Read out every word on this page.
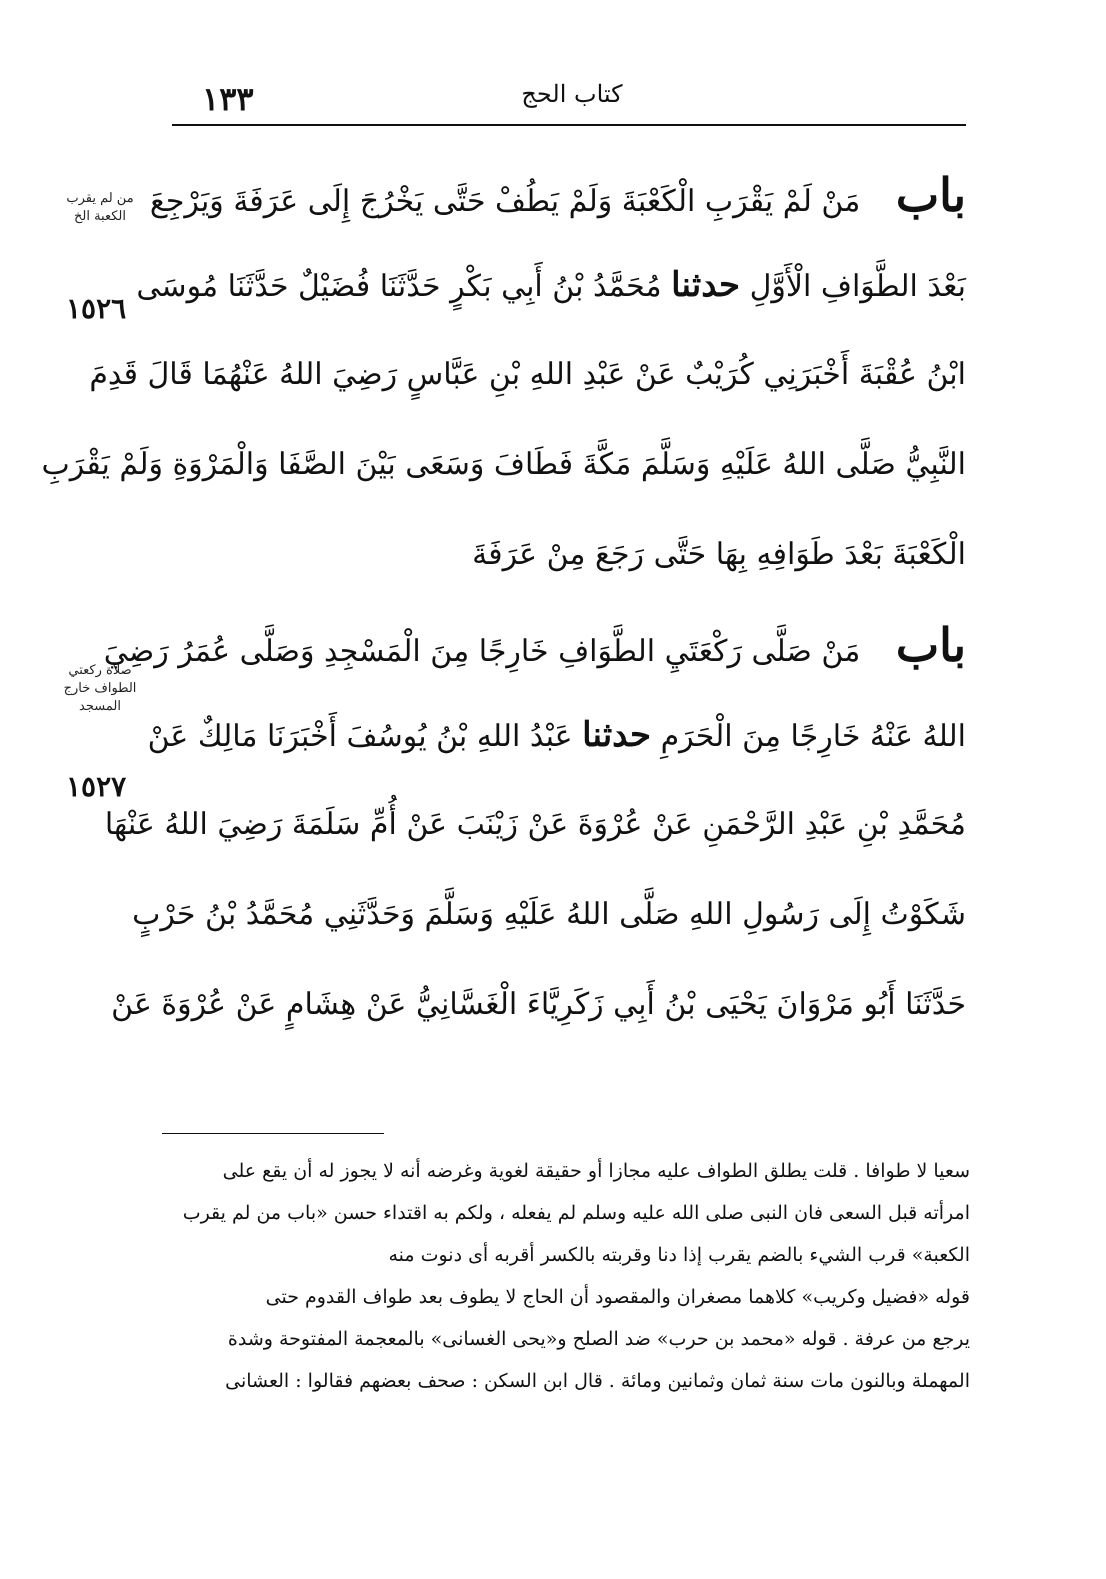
١٣٣	كتاب الحج
من لم يقرب الكعبة الخ
١٥٢٦
صلاة ركعتي الطواف خارج المسجد
١٥٢٧
باب مَنْ لَمْ يَقْرَبِ الْكَعْبَةَ وَلَمْ يَطُفْ حَتَّى يَخْرُجَ إِلَى عَرَفَةَ وَيَرْجِعَ
بَعْدَ الطَّوَافِ الْأَوَّلِ حدثنا مُحَمَّدُ بْنُ أَبِي بَكْرٍ حَدَّثَنَا فُضَيْلٌ حَدَّثَنَا مُوسَى
ابْنُ عُقْبَةَ أَخْبَرَنِي كُرَيْبٌ عَنْ عَبْدِ اللهِ بْنِ عَبَّاسٍ رَضِيَ اللهُ عَنْهُمَا قَالَ قَدِمَ
النَّبِيُّ صَلَّى اللهُ عَلَيْهِ وَسَلَّمَ مَكَّةَ فَطَافَ وَسَعَى بَيْنَ الصَّفَا وَالْمَرْوَةِ وَلَمْ يَقْرَبِ
الْكَعْبَةَ بَعْدَ طَوَافِهِ بِهَا حَتَّى رَجَعَ مِنْ عَرَفَةَ
باب مَنْ صَلَّى رَكْعَتَيِ الطَّوَافِ خَارِجًا مِنَ الْمَسْجِدِ وَصَلَّى عُمَرُ رَضِيَ
اللهُ عَنْهُ خَارِجًا مِنَ الْحَرَمِ حدثنا عَبْدُ اللهِ بْنُ يُوسُفَ أَخْبَرَنَا مَالِكٌ عَنْ
مُحَمَّدِ بْنِ عَبْدِ الرَّحْمَنِ عَنْ عُرْوَةَ عَنْ زَيْنَبَ عَنْ أُمِّ سَلَمَةَ رَضِيَ اللهُ عَنْهَا
شَكَوْتُ إِلَى رَسُولِ اللهِ صَلَّى اللهُ عَلَيْهِ وَسَلَّمَ وَحَدَّثَنِي مُحَمَّدُ بْنُ حَرْبٍ
حَدَّثَنَا أَبُو مَرْوَانَ يَحْيَى بْنُ أَبِي زَكَرِيَّاءَ الْغَسَّانِيُّ عَنْ هِشَامٍ عَنْ عُرْوَةَ عَنْ
سعيا لا طوافا . قلت يطلق الطواف عليه مجازا أو حقيقة لغوية وغرضه أنه لا يجوز له أن يقع على
امرأته قبل السعى فان النبى صلى الله عليه وسلم لم يفعله ، ولكم به اقتداء حسن «باب من لم يقرب
الكعبة» قرب الشيء بالضم يقرب إذا دنا وقربته بالكسر أقربه أى دنوت منه
قوله «فضيل وكريب» كلاهما مصغران والمقصود أن الحاج لا يطوف بعد طواف القدوم حتى
يرجع من عرفة . قوله «محمد بن حرب» ضد الصلح و«يحى الغسانى» بالمعجمة المفتوحة وشدة
المهملة وبالنون مات سنة ثمان وثمانين ومائة . قال ابن السكن : صحف بعضهم فقالوا : العشانى
